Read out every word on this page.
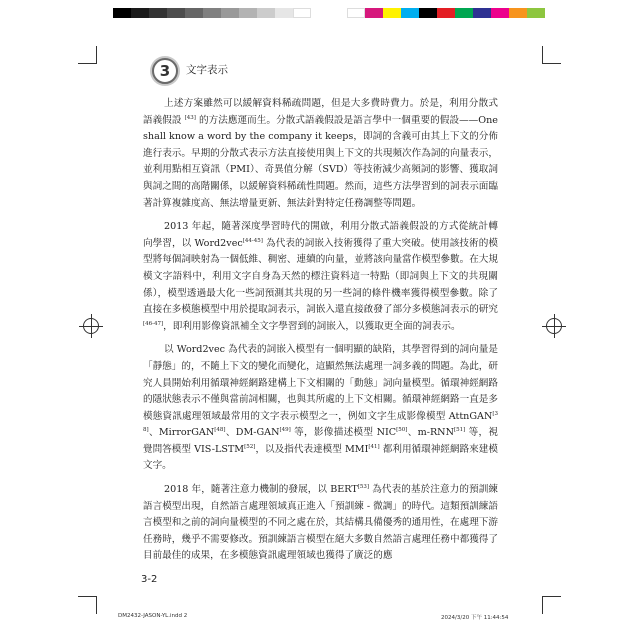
3 文字表示

上述方案雖然可以緩解資料稀疏問題，但是大多費時費力。於是，利用分散式語義假設 [43] 的方法應運而生。分散式語義假設是語言學中一個重要的假設——One shall know a word by the company it keeps，即詞的含義可由其上下文的分佈進行表示。早期的分散式表示方法直接使用與上下文的共現頻次作為詞的向量表示，並利用點相互資訊（PMI）、奇異值分解（SVD）等技術減少高頻詞的影響、獲取詞與詞之間的高階關係，以緩解資料稀疏性問題。然而，這些方法學習到的詞表示面臨著計算複雜度高、無法增量更新、無法針對特定任務調整等問題。

2013 年起，隨著深度學習時代的開啟，利用分散式語義假設的方式從統計轉向學習，以 Word2vec[44-45] 為代表的詞嵌入技術獲得了重大突破。使用該技術的模型將每個詞映射為一個低維、稠密、連續的向量，並將該向量當作模型參數。在大規模文字語料中，利用文字自身為天然的標注資料這一特點（即詞與上下文的共現關係），模型透過最大化一些詞預測其共現的另一些詞的條件機率獲得模型參數。除了直接在多模態模型中用於提取詞表示，詞嵌入還直接啟發了部分多模態詞表示的研究 [46-47]，即利用影像資訊補全文字學習到的詞嵌入，以獲取更全面的詞表示。

以 Word2vec 為代表的詞嵌入模型有一個明顯的缺陷，其學習得到的詞向量是「靜態」的，不隨上下文的變化而變化，這顯然無法處理一詞多義的問題。為此，研究人員開始利用循環神經網路建構上下文相關的「動態」詞向量模型。循環神經網路的隱狀態表示不僅與當前詞相關，也與其所處的上下文相關。循環神經網路一直是多模態資訊處理領域最常用的文字表示模型之一，例如文字生成影像模型 AttnGAN[38]、MirrorGAN[48]、DM-GAN[49] 等，影像描述模型 NIC[50]、m-RNN[51] 等，視覺問答模型 VIS-LSTM[52]，以及指代表達模型 MMI[41] 都利用循環神經網路來建模文字。

2018 年，隨著注意力機制的發展，以 BERT[53] 為代表的基於注意力的預訓練語言模型出現，自然語言處理領域真正進入「預訓練 - 微調」的時代。這類預訓練語言模型和之前的詞向量模型的不同之處在於，其結構具備優秀的通用性，在處理下游任務時，幾乎不需要修改。預訓練語言模型在絕大多數自然語言處理任務中都獲得了目前最佳的成果，在多模態資訊處理領域也獲得了廣泛的應

3-2
DM2432-JASON-YL.indd 2	2024/3/20 下午 11:44:54
